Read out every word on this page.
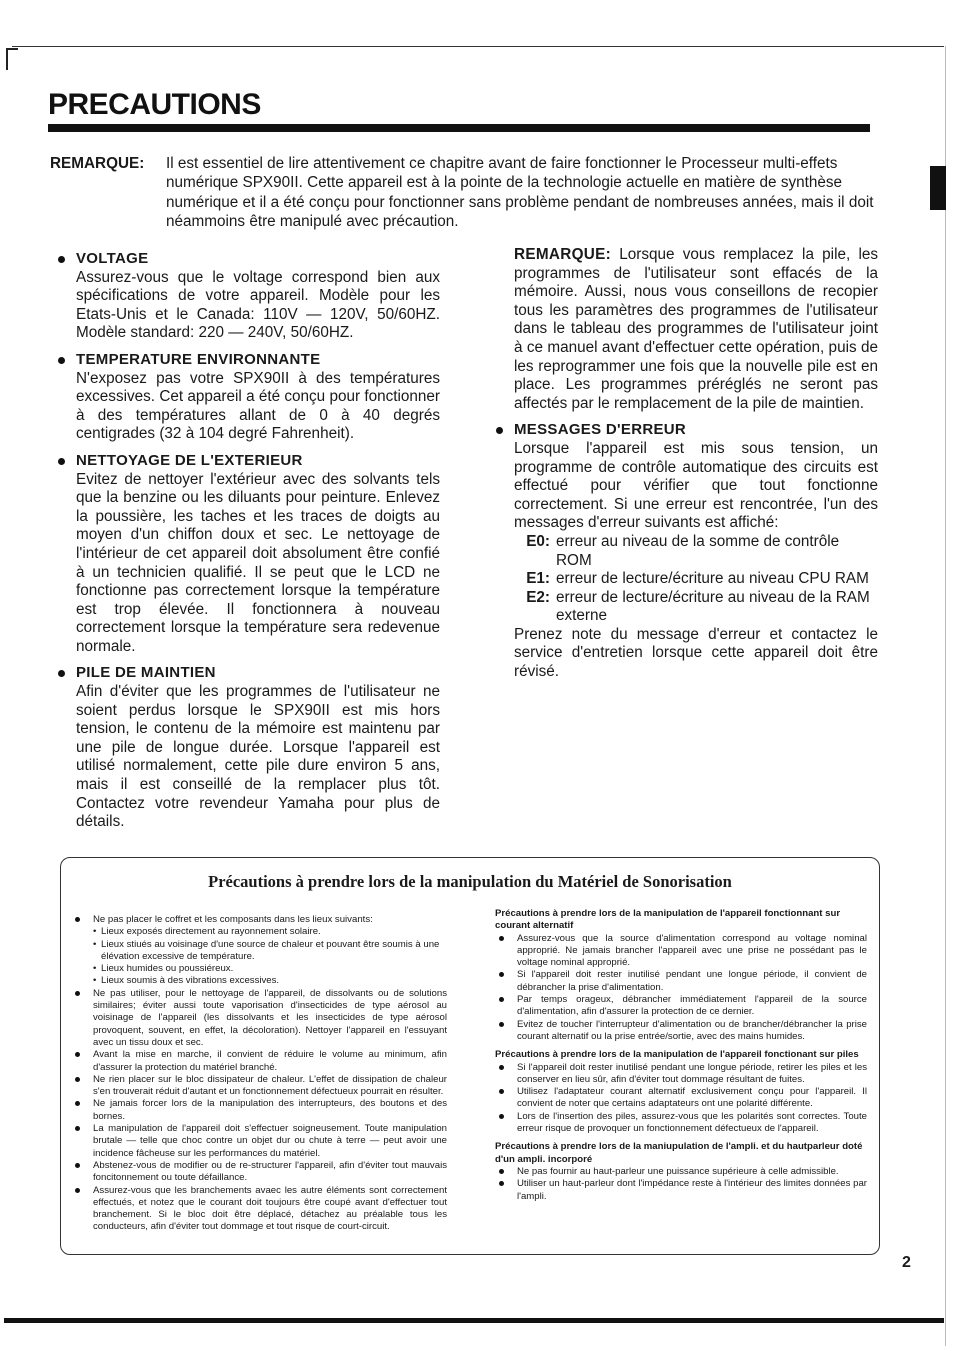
PRECAUTIONS
REMARQUE: Il est essentiel de lire attentivement ce chapitre avant de faire fonctionner le Processeur multi-effets numérique SPX90II. Cette appareil est à la pointe de la technologie actuelle en matière de synthèse numérique et il a été conçu pour fonctionner sans problème pendant de nombreuses années, mais il doit néammoins être manipulé avec précaution.
VOLTAGE
Assurez-vous que le voltage correspond bien aux spécifications de votre appareil. Modèle pour les Etats-Unis et le Canada: 110V — 120V, 50/60HZ. Modèle standard: 220 — 240V, 50/60HZ.
TEMPERATURE ENVIRONNANTE
N'exposez pas votre SPX90II à des températures excessives. Cet appareil a été conçu pour fonctionner à des températures allant de 0 à 40 degrés centigrades (32 à 104 degré Fahrenheit).
NETTOYAGE DE L'EXTERIEUR
Evitez de nettoyer l'extérieur avec des solvants tels que la benzine ou les diluants pour peinture. Enlevez la poussière, les taches et les traces de doigts au moyen d'un chiffon doux et sec. Le nettoyage de l'intérieur de cet appareil doit absolument être confié à un technicien qualifié. Il se peut que le LCD ne fonctionne pas correctement lorsque la température est trop élevée. Il fonctionnera à nouveau correctement lorsque la température sera redevenue normale.
PILE DE MAINTIEN
Afin d'éviter que les programmes de l'utilisateur ne soient perdus lorsque le SPX90II est mis hors tension, le contenu de la mémoire est maintenu par une pile de longue durée. Lorsque l'appareil est utilisé normalement, cette pile dure environ 5 ans, mais il est conseillé de la remplacer plus tôt. Contactez votre revendeur Yamaha pour plus de détails.
REMARQUE: Lorsque vous remplacez la pile, les programmes de l'utilisateur sont effacés de la mémoire. Aussi, nous vous conseillons de recopier tous les paramètres des programmes de l'utilisateur dans le tableau des programmes de l'utilisateur joint à ce manuel avant d'effectuer cette opération, puis de les reprogrammer une fois que la nouvelle pile est en place. Les programmes préréglés ne seront pas affectés par le remplacement de la pile de maintien.
MESSAGES D'ERREUR
Lorsque l'appareil est mis sous tension, un programme de contrôle automatique des circuits est effectué pour vérifier que tout fonctionne correctement. Si une erreur est rencontrée, l'un des messages d'erreur suivants est affiché:
E0: erreur au niveau de la somme de contrôle ROM
E1: erreur de lecture/écriture au niveau CPU RAM
E2: erreur de lecture/écriture au niveau de la RAM externe
Prenez note du message d'erreur et contactez le service d'entretien lorsque cette appareil doit être révisé.
Précautions à prendre lors de la manipulation du Matériel de Sonorisation
Ne pas placer le coffret et les composants dans les lieux suivants:
• Lieux exposés directement au rayonnement solaire.
• Lieux stiués au voisinage d'une source de chaleur et pouvant être soumis à une élévation excessive de température.
• Lieux humides ou poussiéreux.
• Lieux soumis à des vibrations excessives.
Ne pas utiliser, pour le nettoyage de l'appareil, de dissolvants ou de solutions similaires; éviter aussi toute vaporisation d'insecticides de type aérosol au voisinage de l'appareil (les dissolvants et les insecticides de type aérosol provoquent, souvent, en effet, la décoloration). Nettoyer l'appareil en l'essuyant avec un tissu doux et sec.
Avant la mise en marche, il convient de réduire le volume au minimum, afin d'assurer la protection du matériel branché.
Ne rien placer sur le bloc dissipateur de chaleur. L'effet de dissipation de chaleur s'en trouverait réduit d'autant et un fonctionnement défectueux pourrait en résulter.
Ne jamais forcer lors de la manipulation des interrupteurs, des boutons et des bornes.
La manipulation de l'appareil doit s'effectuer soigneusement. Toute manipulation brutale — telle que choc contre un objet dur ou chute à terre — peut avoir une incidence fâcheuse sur les performances du matériel.
Abstenez-vous de modifier ou de re-structurer l'appareil, afin d'éviter tout mauvais foncitonnement ou toute défaillance.
Assurez-vous que les branchements avaec les autre éléments sont correctement effectués, et notez que le courant doit toujours être coupé avant d'effectuer tout branchement. Si le bloc doit être déplacé, détachez au préalable tous les conducteurs, afin d'éviter tout dommage et tout risque de court-circuit.
Précautions à prendre lors de la manipulation de l'appareil fonctionnant sur courant alternatif
Assurez-vous que la source d'alimentation correspond au voltage nominal approprié. Ne jamais brancher l'appareil avec une prise ne possédant pas le voltage nominal approprié.
Si l'appareil doit rester inutilisé pendant une longue période, il convient de débrancher la prise d'alimentation.
Par temps orageux, débrancher immédiatement l'appareil de la source d'alimentation, afin d'assurer la protection de ce dernier.
Evitez de toucher l'interrupteur d'alimentation ou de brancher/débrancher la prise courant alternatif ou la prise entrée/sortie, avec des mains humides.
Précautions à prendre lors de la manipulation de l'appareil fonctionant sur piles
Si l'appareil doit rester inutilisé pendant une longue période, retirer les piles et les conserver en lieu sûr, afin d'éviter tout dommage résultant de fuites.
Utilisez l'adaptateur courant alternatif exclusivement conçu pour l'appareil. Il convient de noter que certains adaptateurs ont une polarité différente.
Lors de l'insertion des piles, assurez-vous que les polarités sont correctes. Toute erreur risque de provoquer un fonctionnement défectueux de l'appareil.
Précautions à prendre lors de la maniupulation de l'ampli. et du hautparleur doté d'un ampli. incorporé
Ne pas fournir au haut-parleur une puissance supérieure à celle admissible.
Utiliser un haut-parleur dont l'impédance reste à l'intérieur des limites données par l'ampli.
2
